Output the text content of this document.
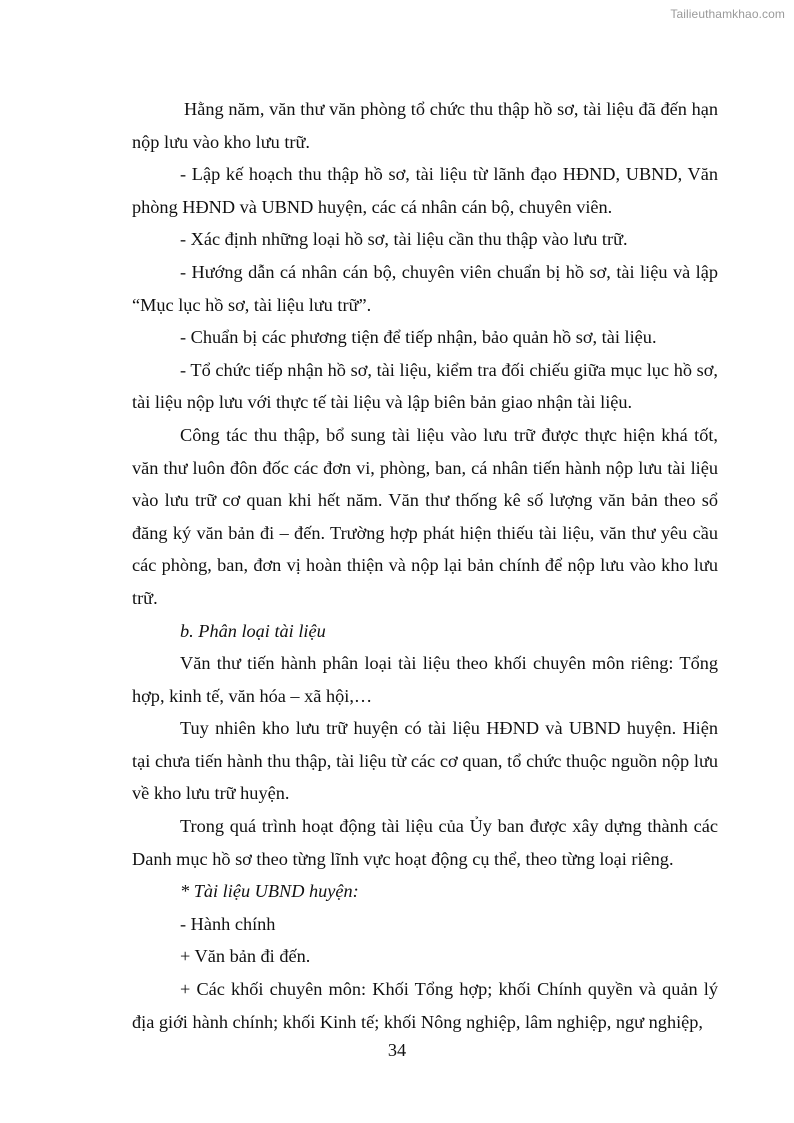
Tailieuthamkhao.com

Hằng năm, văn thư văn phòng tổ chức thu thập hồ sơ, tài liệu đã đến hạn nộp lưu vào kho lưu trữ.

- Lập kế hoạch thu thập hồ sơ, tài liệu từ lãnh đạo HĐND, UBND, Văn phòng HĐND và UBND huyện, các cá nhân cán bộ, chuyên viên.

- Xác định những loại hồ sơ, tài liệu cần thu thập vào lưu trữ.

- Hướng dẫn cá nhân cán bộ, chuyên viên chuẩn bị hồ sơ, tài liệu và lập “Mục lục hồ sơ, tài liệu lưu trữ”.

- Chuẩn bị các phương tiện để tiếp nhận, bảo quản hồ sơ, tài liệu.

- Tổ chức tiếp nhận hồ sơ, tài liệu, kiểm tra đối chiếu giữa mục lục hồ sơ, tài liệu nộp lưu với thực tế tài liệu và lập biên bản giao nhận tài liệu.

Công tác thu thập, bổ sung tài liệu vào lưu trữ được thực hiện khá tốt, văn thư luôn đôn đốc các đơn vi, phòng, ban, cá nhân tiến hành nộp lưu tài liệu vào lưu trữ cơ quan khi hết năm. Văn thư thống kê số lượng văn bản theo sổ đăng ký văn bản đi – đến. Trường hợp phát hiện thiếu tài liệu, văn thư yêu cầu các phòng, ban, đơn vị hoàn thiện và nộp lại bản chính để nộp lưu vào kho lưu trữ.

b. Phân loại tài liệu

Văn thư tiến hành phân loại tài liệu theo khối chuyên môn riêng: Tổng hợp, kinh tế, văn hóa – xã hội,…

Tuy nhiên kho lưu trữ huyện có tài liệu HĐND và UBND huyện. Hiện tại chưa tiến hành thu thập, tài liệu từ các cơ quan, tổ chức thuộc nguồn nộp lưu về kho lưu trữ huyện.

Trong quá trình hoạt động tài liệu của Ủy ban được xây dựng thành các Danh mục hồ sơ theo từng lĩnh vực hoạt động cụ thể, theo từng loại riêng.

* Tài liệu UBND huyện:

- Hành chính

+ Văn bản đi đến.

+ Các khối chuyên môn: Khối Tổng hợp; khối Chính quyền và quản lý địa giới hành chính; khối Kinh tế; khối Nông nghiệp, lâm nghiệp, ngư nghiệp,

34
